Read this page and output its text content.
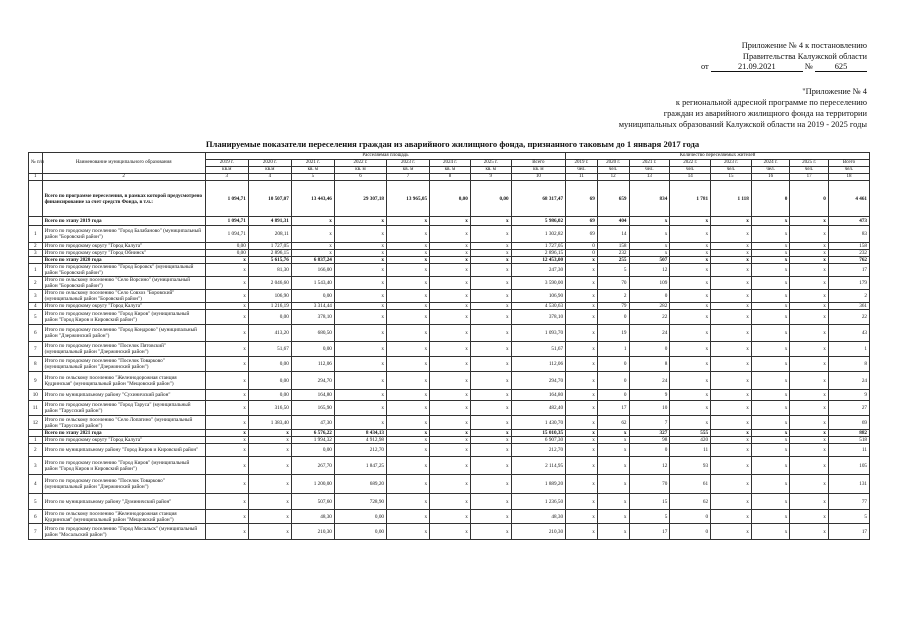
Приложение № 4 к постановлению
Правительства Калужской области
от	21.09.2021	№	625
"Приложение № 4
к региональной адресной программе по переселению
граждан из аварийного жилищного фонда на территории
муниципальных образований Калужской области на 2019 - 2025 годы
Планируемые показатели переселения граждан из аварийного жилищного фонда, признанного таковым до 1 января 2017 года
№ п/п	Наименование муниципального образования	Расселяемая площадь								Количество переселяемых жителей							
		2019 г.	2020 г.	2021 г.	2022 г.	2023 г.	2024 г.	2025 г.	Всего	2019 г.	2020 г.	2021 г.	2022 г.	2023 г.	2024 г.	2025 г.	Всего
		кв.м	кв.м	кв. м	кв. м	кв. м	кв. м	кв. м	кв. м	чел.	чел.	чел.	чел.	чел.	чел.	чел.	чел.
1	2	3	4	5	6	7	8	9	10	11	12	13	14	15	16	17	18
	Всего по программе переселения, в рамках которой предусмотрено финансирование за счет средств Фонда, в т.ч.:	1 094,71	10 507,07	13 443,46	29 307,18	13 965,05	0,00	0,00	68 317,47	69	659	834	1 781	1 118	0	0	4 461
	Всего по этапу 2019 года	1 094,71	4 891,31	x	x	x	x	x	5 986,02	69	404	x	x	x	x	x	473
1	Итого по городскому поселению "Город Балабаново" (муниципальный район "Боровский район")	1 094,71	208,11	x	x	x	x	x	1 302,82	69	14	x	x	x	x	x	83
2	Итого по городскому округу "Город Калуга"	0,00	1 727,05	x	x	x	x	x	1 727,05	0	158	x	x	x	x	x	158
3	Итого по городскому округу "Город Обнинск"	0,00	2 896,15	x	x	x	x	x	2 896,15	0	232	x	x	x	x	x	232
	Всего по этапу 2020 года	x	5 615,76	6 837,24	x	x	x	x	12 453,00	x	255	507	x	x	x	x	762
1	Итого по городскому поселению "Город Боровск" (муниципальный район "Боровский район")	x	81,30	166,00	x	x	x	x	247,30	x	5	12	x	x	x	x	17
2	Итого по сельскому поселению "Село Ворсино" (муниципальный район "Боровский район")	x	2 046,60	1 543,40	x	x	x	x	3 590,00	x	70	109	x	x	x	x	179
3	Итого по сельскому поселению "Село Совхоз "Боровский" (муниципальный район "Боровский район")	x	106,90	0,00	x	x	x	x	106,90	x	2	0	x	x	x	x	2
4	Итого по городскому округу "Город Калуга"	x	1 216,19	3 314,44	x	x	x	x	4 530,63	x	79	282	x	x	x	x	361
5	Итого по городскому поселению "Город Киров" (муниципальный район "Город Киров и Кировский район")	x	0,00	378,10	x	x	x	x	378,10	x	0	22	x	x	x	x	22
6	Итого по городскому поселению "Город Кондрово" (муниципальный район "Дзержинский район")	x	413,20	680,50	x	x	x	x	1 093,70	x	19	24	x	x	x	x	43
7	Итого по городскому поселению "Поселок Пятовский" (муниципальный район "Дзержинский район")	x	51,67	0,00	x	x	x	x	51,67	x	1	0	x	x	x	x	1
8	Итого по городскому поселению "Поселок Товарково" (муниципальный район "Дзержинский район")	x	0,00	112,06	x	x	x	x	112,06	x	0	8	x	x	x	x	8
9	Итого по сельскому поселению "Железнодорожная станция Кудринская" (муниципальный район "Мещовский район")	x	0,00	294,70	x	x	x	x	294,70	x	0	24	x	x	x	x	24
10	Итого по муниципальному району "Сухиничский район"	x	0,00	164,80	x	x	x	x	164,80	x	0	9	x	x	x	x	9
11	Итого по городскому поселению "Город Таруса" (муниципальный район "Тарусский район")	x	316,50	165,90	x	x	x	x	482,40	x	17	10	x	x	x	x	27
12	Итого по сельскому поселению "Село Лопатино" (муниципальный район "Тарусский район")	x	1 383,40	47,30	x	x	x	x	1 430,70	x	62	7	x	x	x	x	69
	Всего по этапу 2021 года	x	x	6 576,22	8 434,13	x	x	x	15 010,35	x	x	327	555	x	x	x	882
1	Итого по городскому округу "Город Калуга"	x	x	1 994,32	4 912,98	x	x	x	6 907,30	x	x	98	420	x	x	x	518
2	Итого по муниципальному району "Город Киров и Кировский район"	x	x	0,00	212,70	x	x	x	212,70	x	x	0	11	x	x	x	11
3	Итого по городскому поселению "Город Киров" (муниципальный район "Город Киров и Кировский район")	x	x	267,70	1 847,25	x	x	x	2 114,95	x	x	12	93	x	x	x	105
4	Итого по городскому поселению "Поселок Товарково" (муниципальный район "Дзержинский район")	x	x	1 200,00	689,20	x	x	x	1 889,20	x	x	70	61	x	x	x	131
5	Итого по муниципальному району "Думиничский район"	x	x	507,60	728,90	x	x	x	1 236,50	x	x	15	62	x	x	x	77
6	Итого по сельскому поселению "Железнодорожная станция Кудринская" (муниципальный район "Мещовский район")	x	x	48,30	0,00	x	x	x	48,30	x	x	5	0	x	x	x	5
7	Итого по городскому поселению "Город Мосальск" (муниципальный район "Мосальский район")	x	x	210,30	0,00	x	x	x	210,30	x	x	17	0	x	x	x	17
